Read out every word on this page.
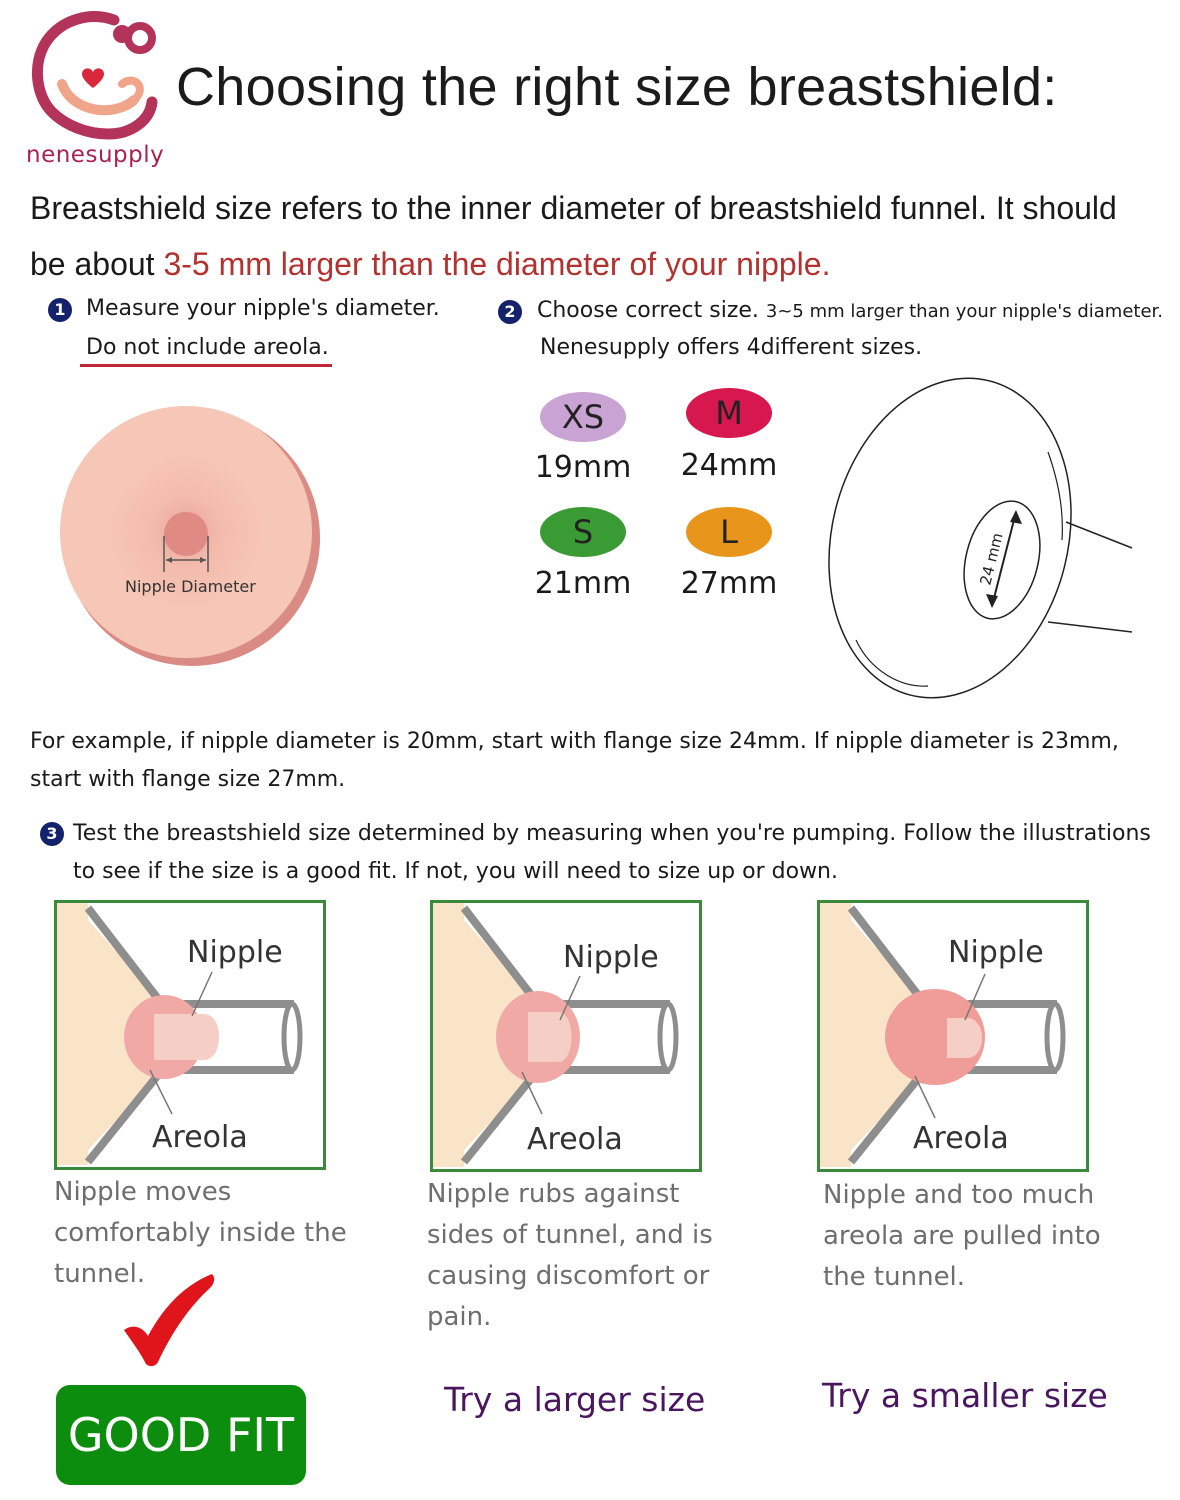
nenesupply
Choosing the right size breastshield:
Breastshield size refers to the inner diameter of breastshield funnel. It should be about 3-5 mm larger than the diameter of your nipple.
1 Measure your nipple's diameter.
Do not include areola.
Nipple Diameter
2 Choose correct size. 3~5 mm larger than your nipple's diameter.
Nenesupply offers 4different sizes.
XS
19mm
M
24mm
S
21mm
L
27mm	24 mm
For example, if nipple diameter is 20mm, start with flange size 24mm. If nipple diameter is 23mm, start with flange size 27mm.
3 Test the breastshield size determined by measuring when you're pumping. Follow the illustrations to see if the size is a good fit. If not, you will need to size up or down.
Nipple
Areola
Nipple
Areola
Nipple
Areola
Nipple moves comfortably inside the tunnel.
Nipple rubs against sides of tunnel, and is causing discomfort or pain.
Nipple and too much areola are pulled into the tunnel.
GOOD FIT
Try a larger size	Try a smaller size
